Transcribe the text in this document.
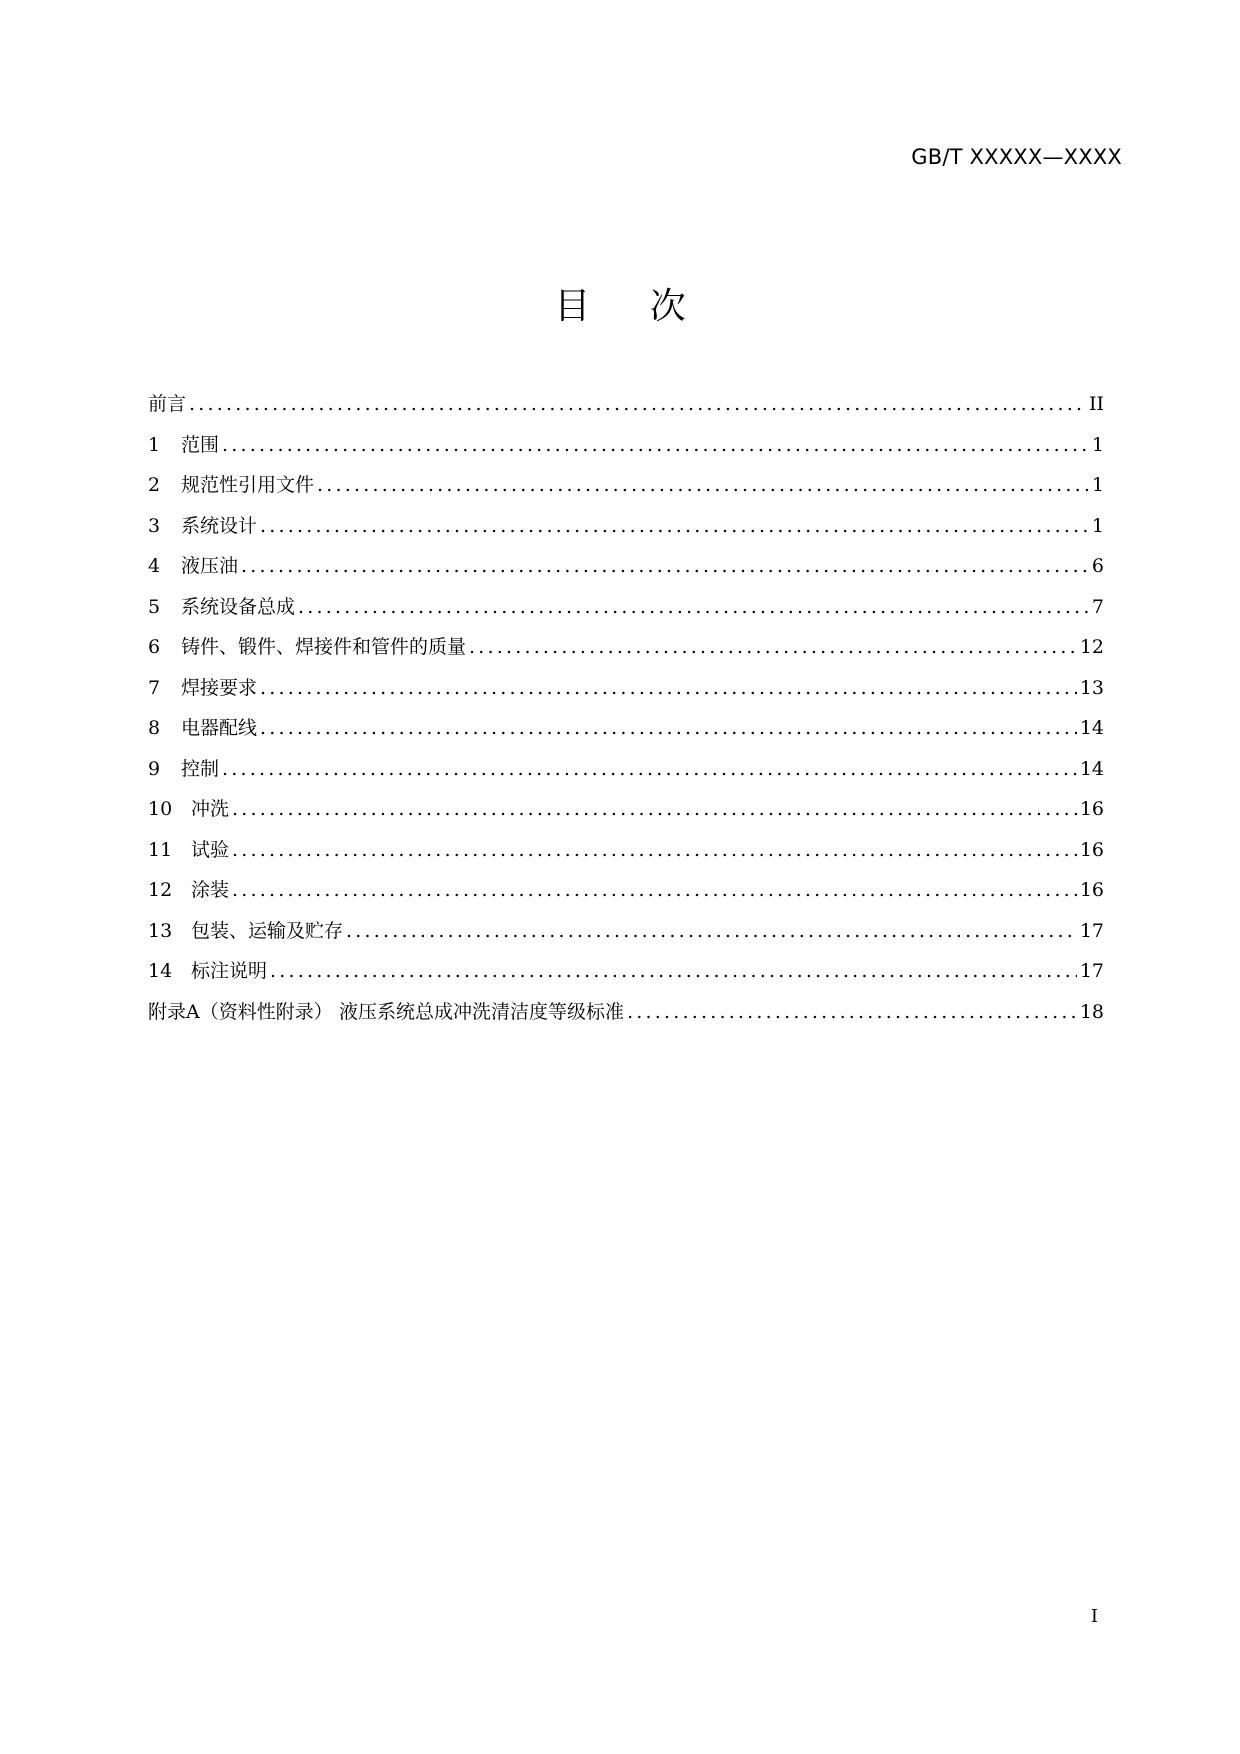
GB/T XXXXX—XXXX

目 次
前言 .....	II
1	范围 .....	1
2	规范性引用文件 .....	1
3	系统设计 .....	1
4	液压油 .....	6
5	系统设备总成 .....	7
6	铸件、锻件、焊接件和管件的质量 .....	12
7	焊接要求 .....	13
8	电器配线 .....	14
9	控制 .....	14
10 冲洗 .....	16
11 试验 .....	16
12 涂装 .....	16
13 包装、运输及贮存 .....	17
14 标注说明 .....	17
附录A（资料性附录） 液压系统总成冲洗清洁度等级标准 .....	18

I
